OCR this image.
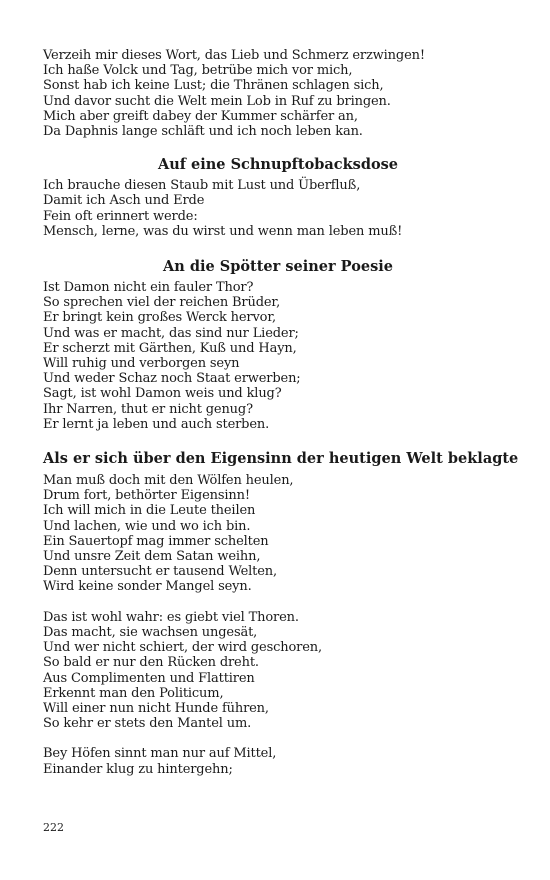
Verzeih mir dieses Wort, das Lieb und Schmerz erzwingen!
Ich haße Volck und Tag, betrübe mich vor mich,
Sonst hab ich keine Lust; die Thränen schlagen sich,
Und davor sucht die Welt mein Lob in Ruf zu bringen.
Mich aber greift dabey der Kummer schärfer an,
Da Daphnis lange schläft und ich noch leben kan.
Auf eine Schnupftobacksdose
Ich brauche diesen Staub mit Lust und Überfluß,
Damit ich Asch und Erde
Fein oft erinnert werde:
Mensch, lerne, was du wirst und wenn man leben muß!
An die Spötter seiner Poesie
Ist Damon nicht ein fauler Thor?
So sprechen viel der reichen Brüder,
Er bringt kein großes Werck hervor,
Und was er macht, das sind nur Lieder;
Er scherzt mit Gärthen, Kuß und Hayn,
Will ruhig und verborgen seyn
Und weder Schaz noch Staat erwerben;
Sagt, ist wohl Damon weis und klug?
Ihr Narren, thut er nicht genug?
Er lernt ja leben und auch sterben.
Als er sich über den Eigensinn der heutigen Welt beklagte
Man muß doch mit den Wölfen heulen,
Drum fort, bethörter Eigensinn!
Ich will mich in die Leute theilen
Und lachen, wie und wo ich bin.
Ein Sauertopf mag immer schelten
Und unsre Zeit dem Satan weihn,
Denn untersucht er tausend Welten,
Wird keine sonder Mangel seyn.
Das ist wohl wahr: es giebt viel Thoren.
Das macht, sie wachsen ungesät,
Und wer nicht schiert, der wird geschoren,
So bald er nur den Rücken dreht.
Aus Complimenten und Flattiren
Erkennt man den Politicum,
Will einer nun nicht Hunde führen,
So kehr er stets den Mantel um.
Bey Höfen sinnt man nur auf Mittel,
Einander klug zu hintergehn;
222
